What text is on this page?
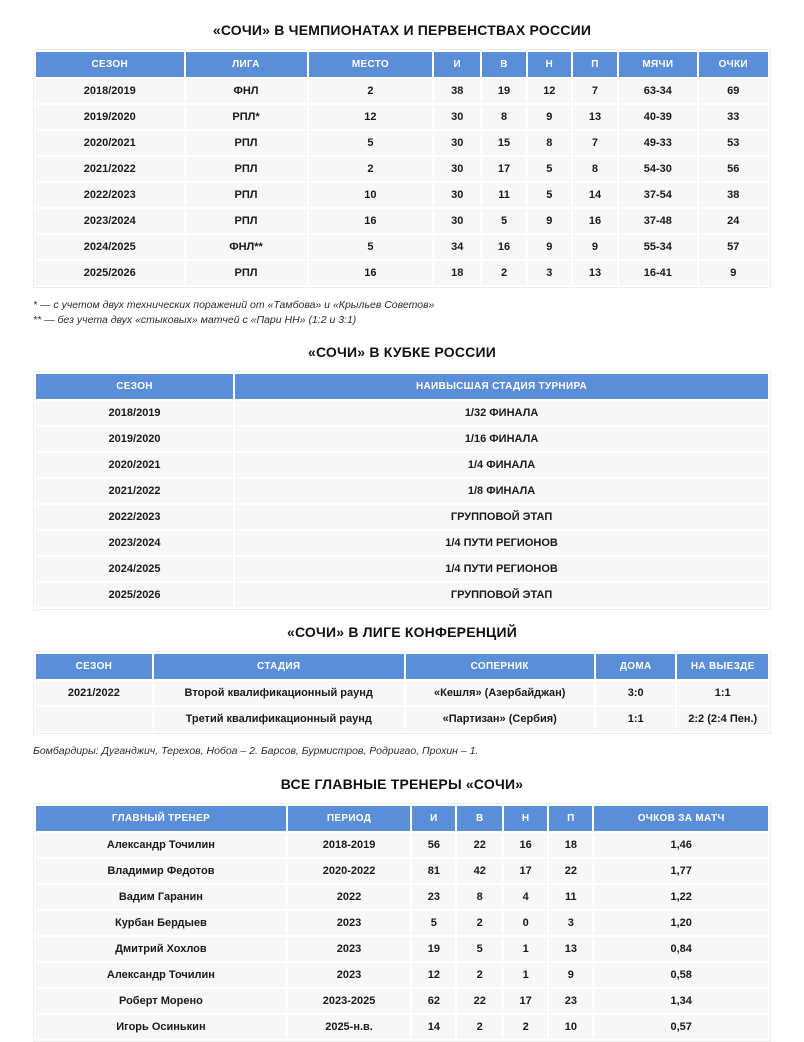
«СОЧИ» В ЧЕМПИОНАТАХ И ПЕРВЕНСТВАХ РОССИИ
СЕЗОН	ЛИГА	МЕСТО	И	В	Н	П	МЯЧИ	ОЧКИ
2018/2019	ФНЛ	2	38	19	12	7	63-34	69
2019/2020	РПЛ*	12	30	8	9	13	40-39	33
2020/2021	РПЛ	5	30	15	8	7	49-33	53
2021/2022	РПЛ	2	30	17	5	8	54-30	56
2022/2023	РПЛ	10	30	11	5	14	37-54	38
2023/2024	РПЛ	16	30	5	9	16	37-48	24
2024/2025	ФНЛ**	5	34	16	9	9	55-34	57
2025/2026	РПЛ	16	18	2	3	13	16-41	9
* — с учетом двух технических поражений от «Тамбова» и «Крыльев Советов»
** — без учета двух «стыковых» матчей с «Пари НН» (1:2 и 3:1)
«СОЧИ» В КУБКЕ РОССИИ
СЕЗОН	НАИВЫСШАЯ СТАДИЯ ТУРНИРА
2018/2019	1/32 ФИНАЛА
2019/2020	1/16 ФИНАЛА
2020/2021	1/4 ФИНАЛА
2021/2022	1/8 ФИНАЛА
2022/2023	ГРУППОВОЙ ЭТАП
2023/2024	1/4 ПУТИ РЕГИОНОВ
2024/2025	1/4 ПУТИ РЕГИОНОВ
2025/2026	ГРУППОВОЙ ЭТАП
«СОЧИ» В ЛИГЕ КОНФЕРЕНЦИЙ
СЕЗОН	СТАДИЯ	СОПЕРНИК	ДОМА	НА ВЫЕЗДЕ
2021/2022	Второй квалификационный раунд	«Кешля» (Азербайджан)	3:0	1:1
	Третий квалификационный раунд	«Партизан» (Сербия)	1:1	2:2 (2:4 Пен.)
Бомбардиры: Дуганджич, Терехов, Нобоа – 2. Барсов, Бурмистров, Родригао, Прохин – 1.
ВСЕ ГЛАВНЫЕ ТРЕНЕРЫ «СОЧИ»
ГЛАВНЫЙ ТРЕНЕР	ПЕРИОД	И	В	Н	П	ОЧКОВ ЗА МАТЧ
Александр Точилин	2018-2019	56	22	16	18	1,46
Владимир Федотов	2020-2022	81	42	17	22	1,77
Вадим Гаранин	2022	23	8	4	11	1,22
Курбан Бердыев	2023	5	2	0	3	1,20
Дмитрий Хохлов	2023	19	5	1	13	0,84
Александр Точилин	2023	12	2	1	9	0,58
Роберт Морено	2023-2025	62	22	17	23	1,34
Игорь Осинькин	2025-н.в.	14	2	2	10	0,57
